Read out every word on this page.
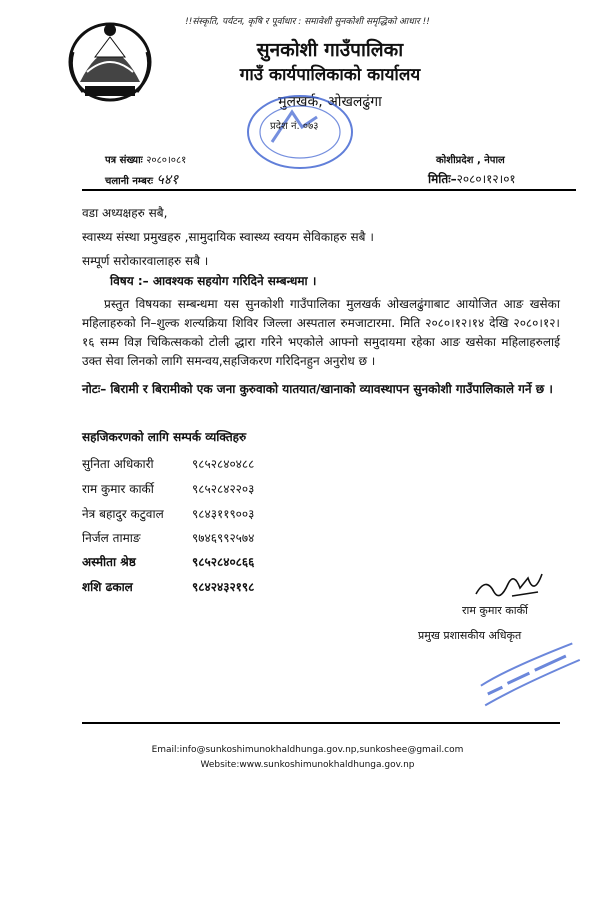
!!संस्कृति, पर्यटन, कृषि र पूर्वाधार : समावेशी सुनकोशी समृद्धिको आधार !!
सुनकोशी गाउँपालिका
गाउँ कार्यपालिकाको कार्यालय
मुलखर्क, ओखलढुंगा
प्रदेश नं. ०७३
पत्र संख्याः २०८०।०८१
चलानी नम्बरः ५४१
कोशीप्रदेश , नेपाल
मितिः–२०८०।१२।०१
वडा अध्यक्षहरु सबै,
स्वास्थ्य संस्था प्रमुखहरु ,सामुदायिक स्वास्थ्य स्वयम सेविकाहरु सबै ।
सम्पूर्ण सरोकारवालाहरु सबै ।
विषय :– आवश्यक सहयोग गरिदिने सम्बन्धमा ।
प्रस्तुत विषयका सम्बन्धमा यस सुनकोशी गाउँपालिका मुलखर्क ओखलढुंगाबाट आयोजित आङ खसेका महिलाहरुको नि–शुल्क शल्यक्रिया शिविर जिल्ला अस्पताल रुमजाटारमा. मिति २०८०।१२।१४ देखि २०८०।१२।१६ सम्म विज्ञ चिकित्सकको टोली द्धारा गरिने भएकोले आफ्नो समुदायमा रहेका आङ खसेका महिलाहरुलाई उक्त सेवा लिनको लागि समन्वय,सहजिकरण गरिदिनहुन अनुरोध छ ।
नोटः– बिरामी र बिरामीको एक जना कुरुवाको यातयात/खानाको व्यावस्थापन सुनकोशी गाउँपालिकाले गर्ने छ ।
सहजिकरणको लागि सम्पर्क व्यक्तिहरु
सुनिता अधिकारी	९८५२८४०४८८
राम कुमार कार्की	९८५२८४२२०३
नेत्र बहादुर कटुवाल ९८४३११९००३
निर्जल तामाङ	९७४६९९२५७४
अस्मीता श्रेष्ठ	९८५२८४०८६६
शशि ढकाल	९८४२४३२१९८
राम कुमार कार्की
प्रमुख प्रशासकीय अधिकृत
Email:info@sunkoshimunokhaldhunga.gov.np,sunkoshee@gmail.com
Website:www.sunkoshimunokhaldhunga.gov.np
